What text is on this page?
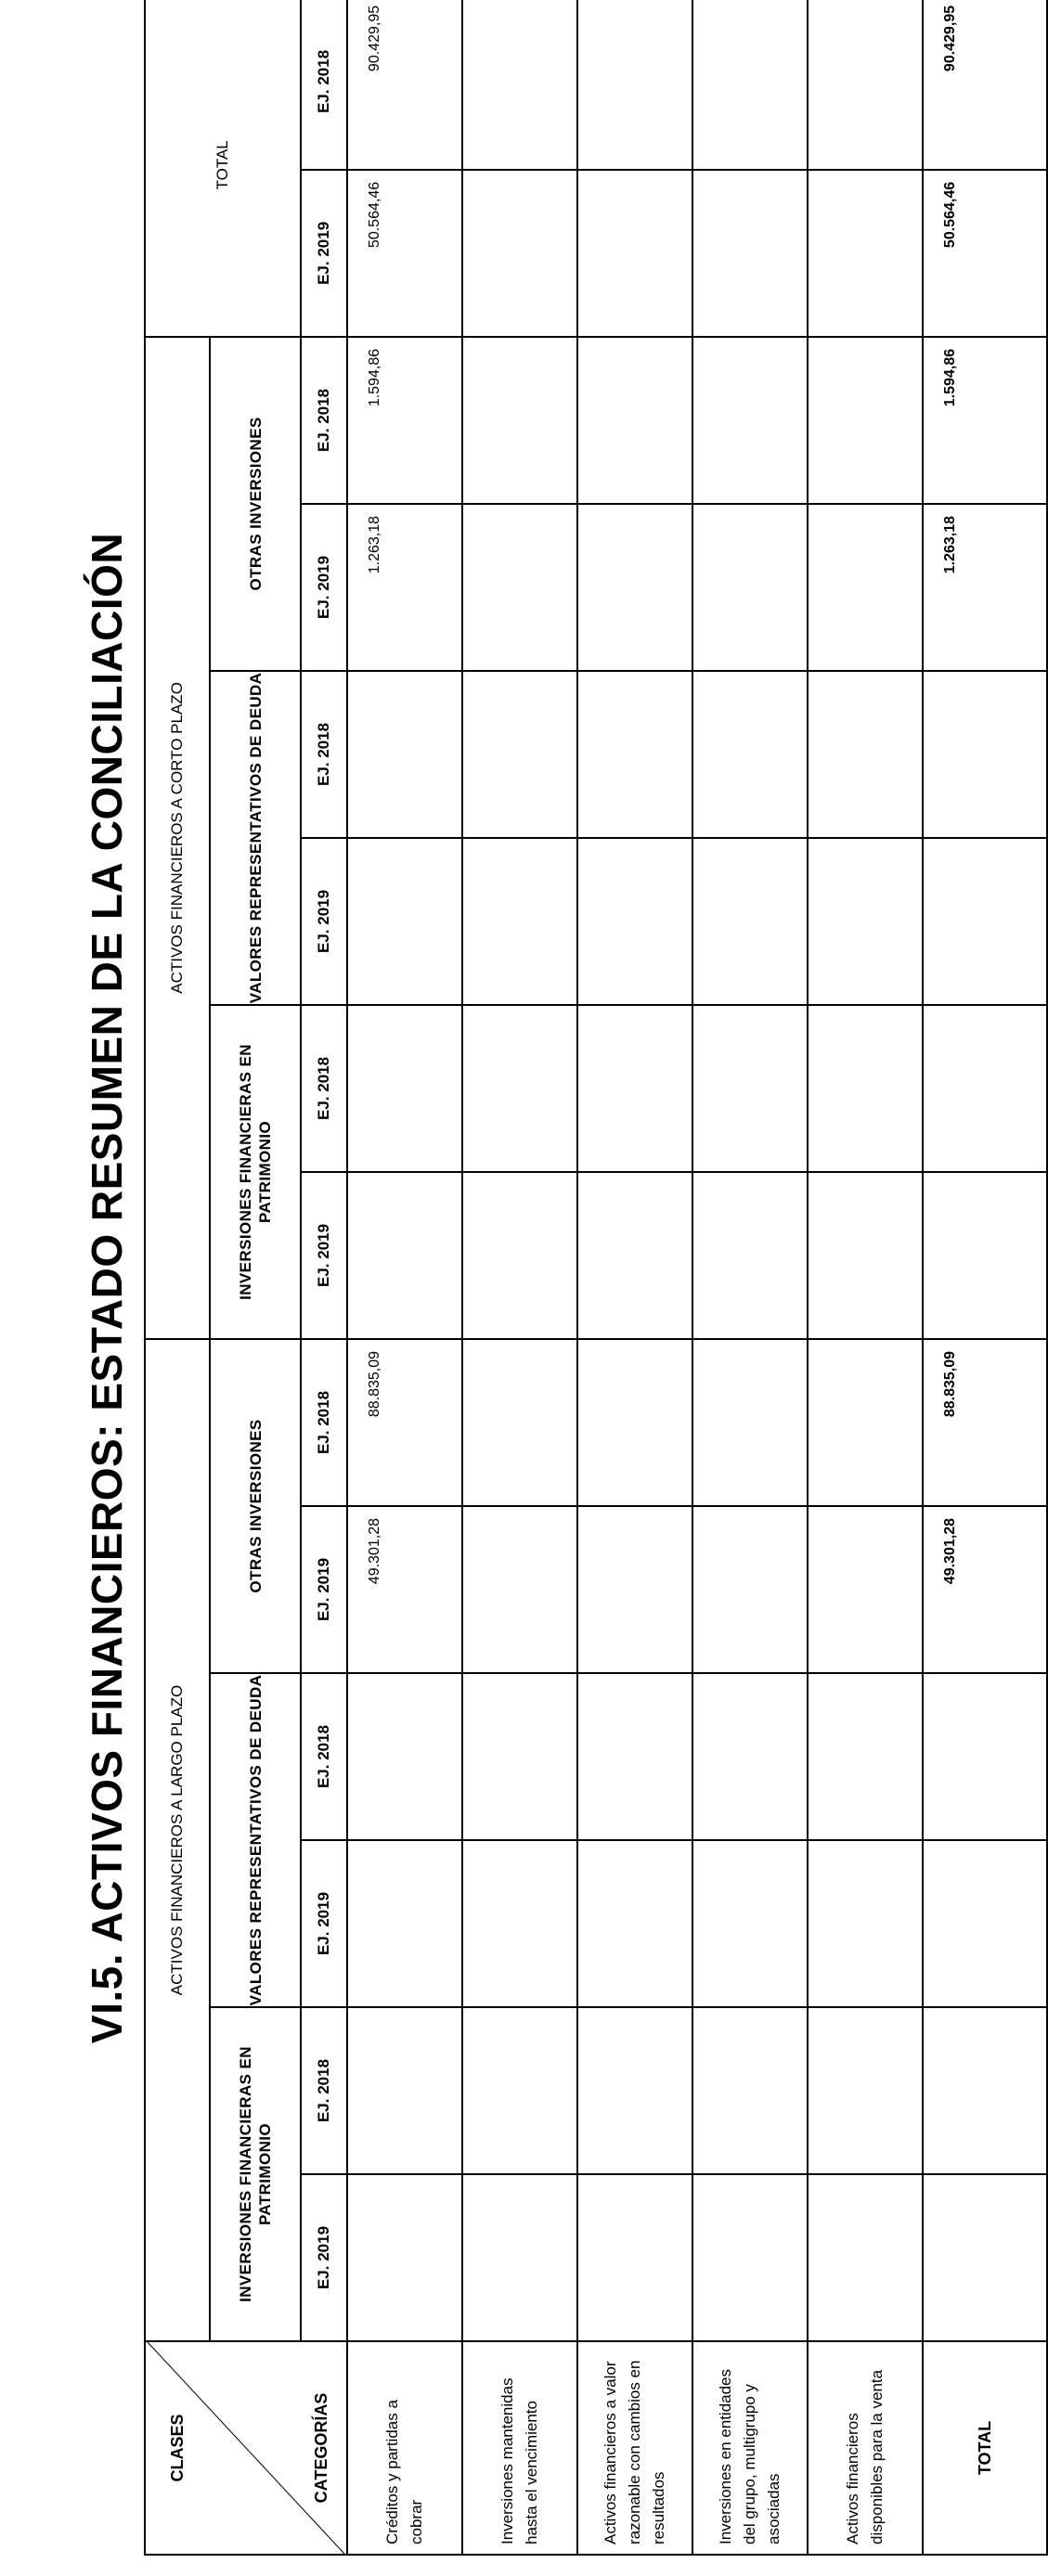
VI.5. ACTIVOS FINANCIEROS: ESTADO RESUMEN DE LA CONCILIACIÓN
CLASES CATEGORÍAS	ACTIVOS FINANCIEROS A LARGO PLAZO						ACTIVOS FINANCIEROS A CORTO PLAZO						TOTAL	
	INVERSIONES FINANCIERAS EN PATRIMONIO		VALORES REPRESENTATIVOS DE DEUDA		OTRAS INVERSIONES		INVERSIONES FINANCIERAS EN PATRIMONIO		VALORES REPRESENTATIVOS DE DEUDA		OTRAS INVERSIONES			
	EJ. 2019	EJ. 2018	EJ. 2019	EJ. 2018	EJ. 2019	EJ. 2018	EJ. 2019	EJ. 2018	EJ. 2019	EJ. 2018	EJ. 2019	EJ. 2018	EJ. 2019	EJ. 2018
Créditos y partidas a cobrar					49.301,28	88.835,09					1.263,18	1.594,86	50.564,46	90.429,95
Inversiones mantenidas hasta el vencimiento														
Activos financieros a valor razonable con cambios en resultados														
Inversiones en entidades del grupo, multigrupo y asociadas														
Activos financieros disponibles para la venta														
TOTAL					49.301,28	88.835,09					1.263,18	1.594,86	50.564,46	90.429,95
